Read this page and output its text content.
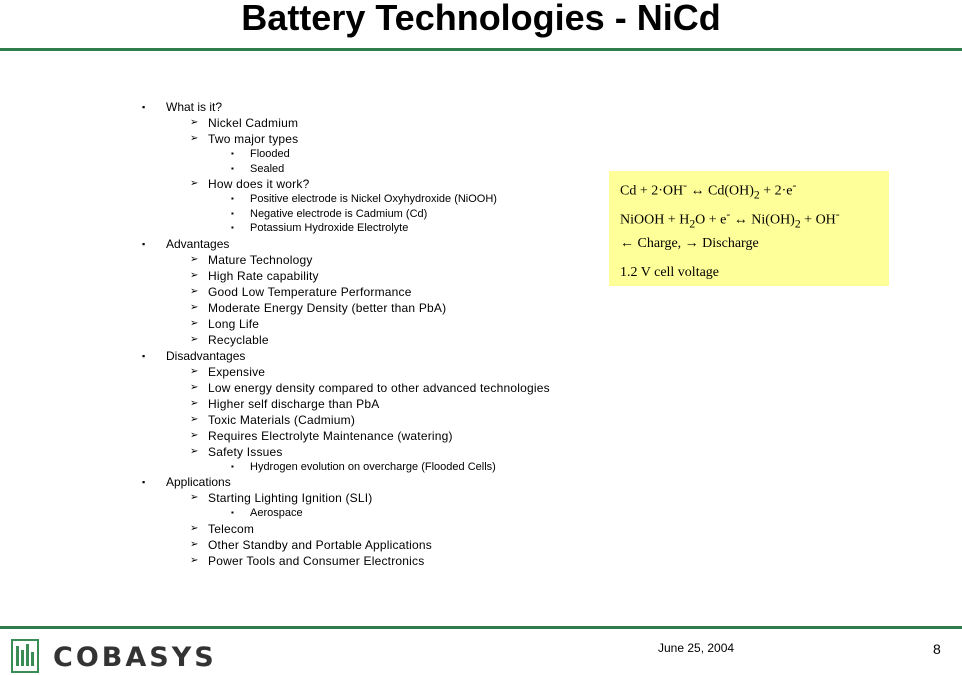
Battery Technologies - NiCd
▪ What is it?
➢ Nickel Cadmium
➢ Two major types
▪ Flooded
▪ Sealed
➢ How does it work?
▪ Positive electrode is Nickel Oxyhydroxide (NiOOH)
▪ Negative electrode is Cadmium (Cd)
▪ Potassium Hydroxide Electrolyte
▪ Advantages
➢ Mature Technology
➢ High Rate capability
➢ Good Low Temperature Performance
➢ Moderate Energy Density (better than PbA)
➢ Long Life
➢ Recyclable
▪ Disadvantages
➢ Expensive
➢ Low energy density compared to other advanced technologies
➢ Higher self discharge than PbA
➢ Toxic Materials (Cadmium)
➢ Requires Electrolyte Maintenance (watering)
➢ Safety Issues
▪ Hydrogen evolution on overcharge (Flooded Cells)
▪ Applications
➢ Starting Lighting Ignition (SLI)
▪ Aerospace
➢ Telecom
➢ Other Standby and Portable Applications
➢ Power Tools and Consumer Electronics
Cd + 2·OH- ↔ $Cd(OH)_2 + 2\cdot e^-$
NiOOH + $H_2O + e^-$ ↔ $Ni(OH)_2 + OH^-$
← Charge, → Discharge
1.2 V cell voltage
COBASYS	June 25, 2004	8
